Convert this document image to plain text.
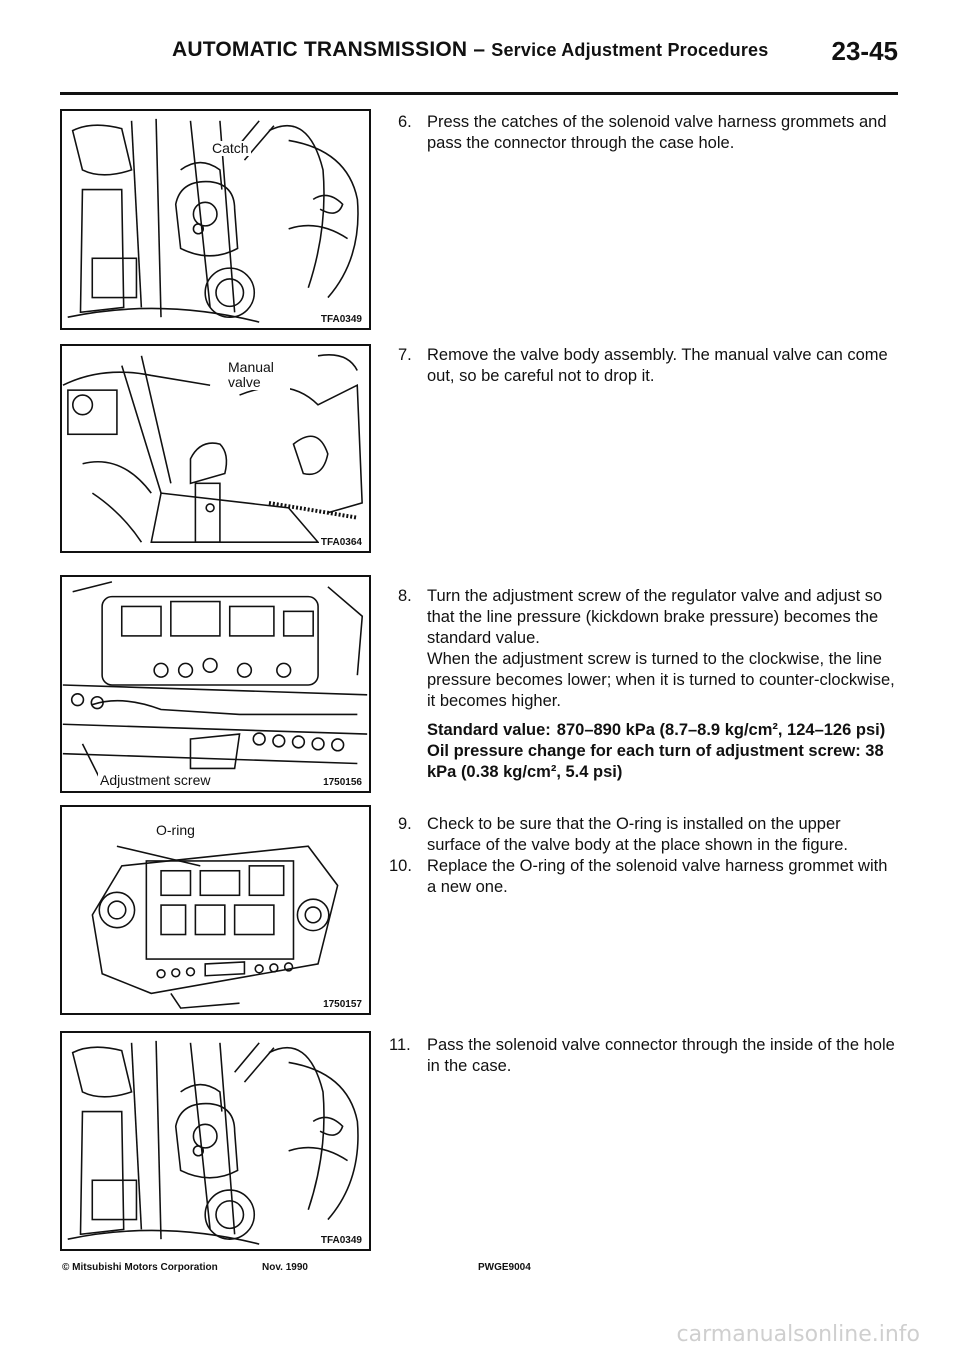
AUTOMATIC TRANSMISSION – Service Adjustment Procedures 23-45
Catch
TFA0349
Manual valve
TFA0364
Adjustment screw	1750156
O-ring
1750157
TFA0349
6. Press the catches of the solenoid valve harness grommets and pass the connector through the case hole.

7. Remove the valve body assembly. The manual valve can come out, so be careful not to drop it.

8. Turn the adjustment screw of the regulator valve and adjust so that the line pressure (kickdown brake pressure) becomes the standard value.

When the adjustment screw is turned to the clockwise, the line pressure becomes lower; when it is turned to counter-clockwise, it becomes higher.

Standard value: 870–890 kPa (8.7–8.9 kg/cm², 124–126 psi)

Oil pressure change for each turn of adjustment screw: 38 kPa (0.38 kg/cm², 5.4 psi)

9. Check to be sure that the O-ring is installed on the upper surface of the valve body at the place shown in the figure.

10. Replace the O-ring of the solenoid valve harness grommet with a new one.

11. Pass the solenoid valve connector through the inside of the hole in the case.

© Mitsubishi Motors Corporation	Nov. 1990	PWGE9004
carmanualsonline.info
